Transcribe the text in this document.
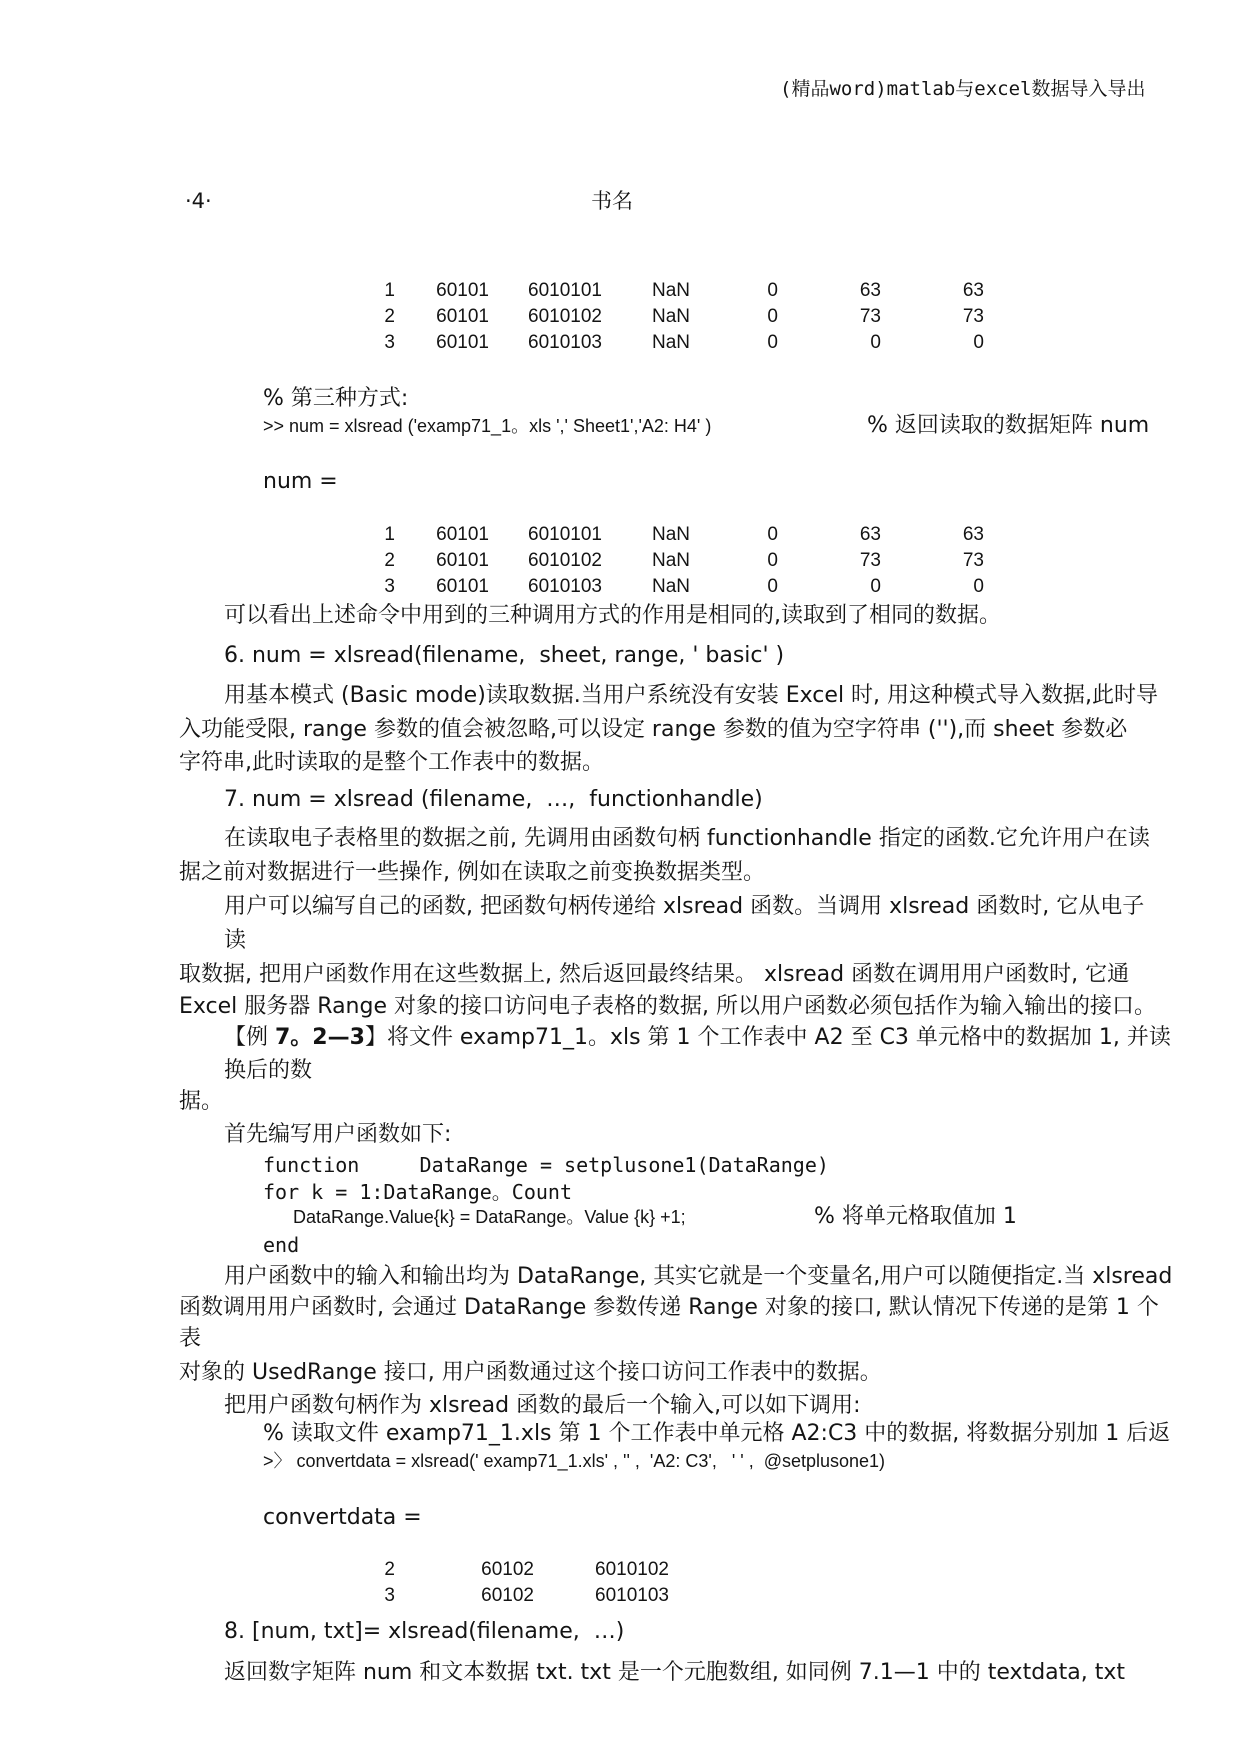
(精品word)matlab与excel数据导入导出
·4·	书名
1 60101 6010101	NaN	0	63	63
2 60101 6010102	NaN	0	73	73
3 60101 6010103	NaN	0	0	0
% 第三种方式:
>> num = xlsread ('examp71_1。xls ',' Sheet1','A2: H4' )	% 返回读取的数据矩阵 num
num =
1 60101 6010101	NaN	0	63	63
2 60101 6010102	NaN	0	73	73
3 60101 6010103	NaN	0	0	0
可以看出上述命令中用到的三种调用方式的作用是相同的,读取到了相同的数据。
6. num = xlsread(filename,  sheet, range, ' basic' )
用基本模式 (Basic mode)读取数据.当用户系统没有安装 Excel 时, 用这种模式导入数据,此时导
入功能受限, range 参数的值会被忽略,可以设定 range 参数的值为空字符串 (''),而 sheet 参数必
字符串,此时读取的是整个工作表中的数据。
7. num = xlsread (filename,  …,  functionhandle)
在读取电子表格里的数据之前, 先调用由函数句柄 functionhandle 指定的函数.它允许用户在读
据之前对数据进行一些操作, 例如在读取之前变换数据类型。
用户可以编写自己的函数, 把函数句柄传递给 xlsread 函数。当调用 xlsread 函数时, 它从电子
读
取数据, 把用户函数作用在这些数据上, 然后返回最终结果。 xlsread 函数在调用用户函数时, 它通
Excel 服务器 Range 对象的接口访问电子表格的数据, 所以用户函数必须包括作为输入输出的接口。
【例 7。2—3】将文件 examp71_1。xls 第 1 个工作表中 A2 至 C3 单元格中的数据加 1, 并读
换后的数
据。
首先编写用户函数如下:
function     DataRange = setplusone1(DataRange)
for k = 1:DataRange。Count
DataRange.Value{k} = DataRange。Value {k} +1;	% 将单元格取值加 1
end
用户函数中的输入和输出均为 DataRange, 其实它就是一个变量名,用户可以随便指定.当 xlsread
函数调用用户函数时, 会通过 DataRange 参数传递 Range 对象的接口, 默认情况下传递的是第 1 个
表
对象的 UsedRange 接口, 用户函数通过这个接口访问工作表中的数据。
把用户函数句柄作为 xlsread 函数的最后一个输入,可以如下调用:
% 读取文件 examp71_1.xls 第 1 个工作表中单元格 A2:C3 中的数据, 将数据分别加 1 后返
>〉 convertdata = xlsread(' examp71_1.xls' , '' ,  'A2: C3',   ' ' ,  @setplusone1)
convertdata =
2	60102	6010102
3	60102	6010103
8. [num, txt]= xlsread(filename,  …)
返回数字矩阵 num 和文本数据 txt. txt 是一个元胞数组, 如同例 7.1—1 中的 textdata, txt
